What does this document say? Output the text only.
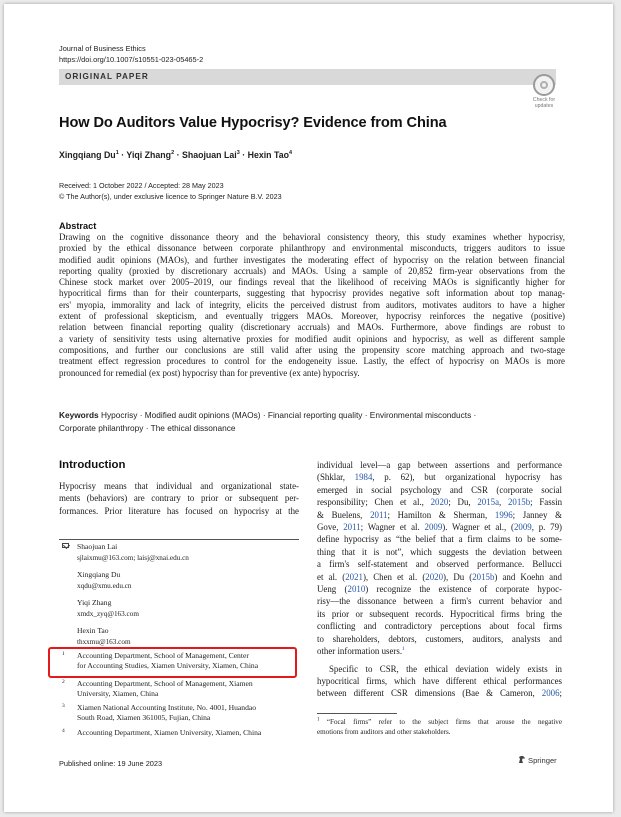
Journal of Business Ethics
https://doi.org/10.1007/s10551-023-05465-2
ORIGINAL PAPER
Check for updates
How Do Auditors Value Hypocrisy? Evidence from China
Xingqiang $Du^1$ · Yiqi Zhang$^2$ · Shaojuan Lai$^3$ · Hexin Tao$^4$
Received: 1 October 2022 / Accepted: 28 May 2023
© The Author(s), under exclusive licence to Springer Nature B.V. 2023
Abstract
Drawing on the cognitive dissonance theory and the behavioral consistency theory, this study examines whether hypocrisy,
proxied by the ethical dissonance between corporate philanthropy and environmental misconducts, triggers auditors to issue
modified audit opinions (MAOs), and further investigates the moderating effect of hypocrisy on the relation between financial
reporting quality (proxied by discretionary accruals) and MAOs. Using a sample of 20,852 firm-year observations from the
Chinese stock market over 2005–2019, our findings reveal that the likelihood of receiving MAOs is significantly higher for
hypocritical firms than for their counterparts, suggesting that hypocrisy provides negative soft information about top manag-
ers' myopia, immorality and lack of integrity, elicits the perceived distrust from auditors, motivates auditors to have a higher
extent of professional skepticism, and eventually triggers MAOs. Moreover, hypocrisy reinforces the negative (positive)
relation between financial reporting quality (discretionary accruals) and MAOs. Furthermore, above findings are robust to
a variety of sensitivity tests using alternative proxies for modified audit opinions and hypocrisy, as well as different sample
compositions, and further our conclusions are still valid after using the propensity score matching approach and two-stage
treatment effect regression procedures to control for the endogeneity issue. Lastly, the effect of hypocrisy on MAOs is more
pronounced for remedial (ex post) hypocrisy than for preventive (ex ante) hypocrisy.
Keywords Hypocrisy · Modified audit opinions (MAOs) · Financial reporting quality · Environmental misconducts ·
Corporate philanthropy · The ethical dissonance
Introduction
Hypocrisy means that individual and organizational state-
ments (behaviors) are contrary to prior or subsequent per-
formances. Prior literature has focused on hypocrisy at the
Shaojuan Lai
sjlaixmu@163.com; laisj@xnai.edu.cn
Xingqiang Du
xqdu@xmu.edu.cn
Yiqi Zhang
xmdx_zyq@163.com
Hexin Tao
thxxmu@163.com
1 Accounting Department, School of Management, Center
for Accounting Studies, Xiamen University, Xiamen, China
2 Accounting Department, School of Management, Xiamen
University, Xiamen, China
3 Xiamen National Accounting Institute, No. 4001, Huandao
South Road, Xiamen 361005, Fujian, China
4 Accounting Department, Xiamen University, Xiamen, China
Published online: 19 June 2023
individual level—a gap between assertions and performance
(Shklar, 1984, p. 62), but organizational hypocrisy has
emerged in social psychology and CSR (corporate social
responsibility; Chen et al., 2020; Du, 2015a, 2015b; Fassin
& Buelens, 2011; Hamilton & Sherman, 1996; Janney &
Gove, 2011; Wagner et al. 2009). Wagner et al., (2009, p. 79)
define hypocrisy as “the belief that a firm claims to be some-
thing that it is not”, which suggests the deviation between
a firm's self-statement and observed performance. Bellucci
et al. (2021), Chen et al. (2020), Du (2015b) and Koehn and
Ueng (2010) recognize the existence of corporate hypoc-
risy—the dissonance between a firm's current behavior and
its prior or subsequent records. Hypocritical firms bring the
conflicting and contradictory perceptions about focal firms
to shareholders, debtors, customers, auditors, analysts and
other information users.$^1$
Specific to CSR, the ethical deviation widely exists in
hypocritical firms, which have different ethical performances
between different CSR dimensions (Bae & Cameron, 2006;
$^1$ “Focal firms” refer to the subject firms that arouse the negative
emotions from auditors and other stakeholders.
Springer
